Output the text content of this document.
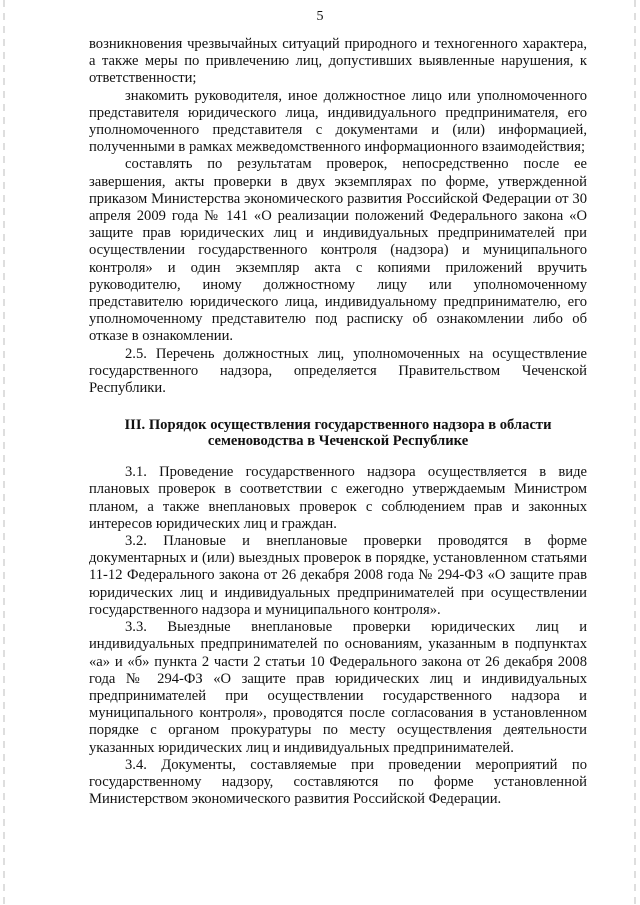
5

возникновения чрезвычайных ситуаций природного и техногенного характера, а также меры по привлечению лиц, допустивших выявленные нарушения, к ответственности;

знакомить руководителя, иное должностное лицо или уполномоченного представителя юридического лица, индивидуального предпринимателя, его уполномоченного представителя с документами и (или) информацией, полученными в рамках межведомственного информационного взаимодействия;

составлять по результатам проверок, непосредственно после ее завершения, акты проверки в двух экземплярах по форме, утвержденной приказом Министерства экономического развития Российской Федерации от 30 апреля 2009 года № 141 «О реализации положений Федерального закона «О защите прав юридических лиц и индивидуальных предпринимателей при осуществлении государственного контроля (надзора) и муниципального контроля» и один экземпляр акта с копиями приложений вручить руководителю, иному должностному лицу или уполномоченному представителю юридического лица, индивидуальному предпринимателю, его уполномоченному представителю под расписку об ознакомлении либо об отказе в ознакомлении.

2.5. Перечень должностных лиц, уполномоченных на осуществление государственного надзора, определяется Правительством Чеченской Республики.

III. Порядок осуществления государственного надзора в области семеноводства в Чеченской Республике

3.1. Проведение государственного надзора осуществляется в виде плановых проверок в соответствии с ежегодно утверждаемым Министром планом, а также внеплановых проверок с соблюдением прав и законных интересов юридических лиц и граждан.

3.2. Плановые и внеплановые проверки проводятся в форме документарных и (или) выездных проверок в порядке, установленном статьями 11-12 Федерального закона от 26 декабря 2008 года № 294-ФЗ «О защите прав юридических лиц и индивидуальных предпринимателей при осуществлении государственного надзора и муниципального контроля».

3.3. Выездные внеплановые проверки юридических лиц и индивидуальных предпринимателей по основаниям, указанным в подпунктах «а» и «б» пункта 2 части 2 статьи 10 Федерального закона от 26 декабря 2008 года № 294-ФЗ «О защите прав юридических лиц и индивидуальных предпринимателей при осуществлении государственного надзора и муниципального контроля», проводятся после согласования в установленном порядке с органом прокуратуры по месту осуществления деятельности указанных юридических лиц и индивидуальных предпринимателей.

3.4. Документы, составляемые при проведении мероприятий по государственному надзору, составляются по форме установленной Министерством экономического развития Российской Федерации.
